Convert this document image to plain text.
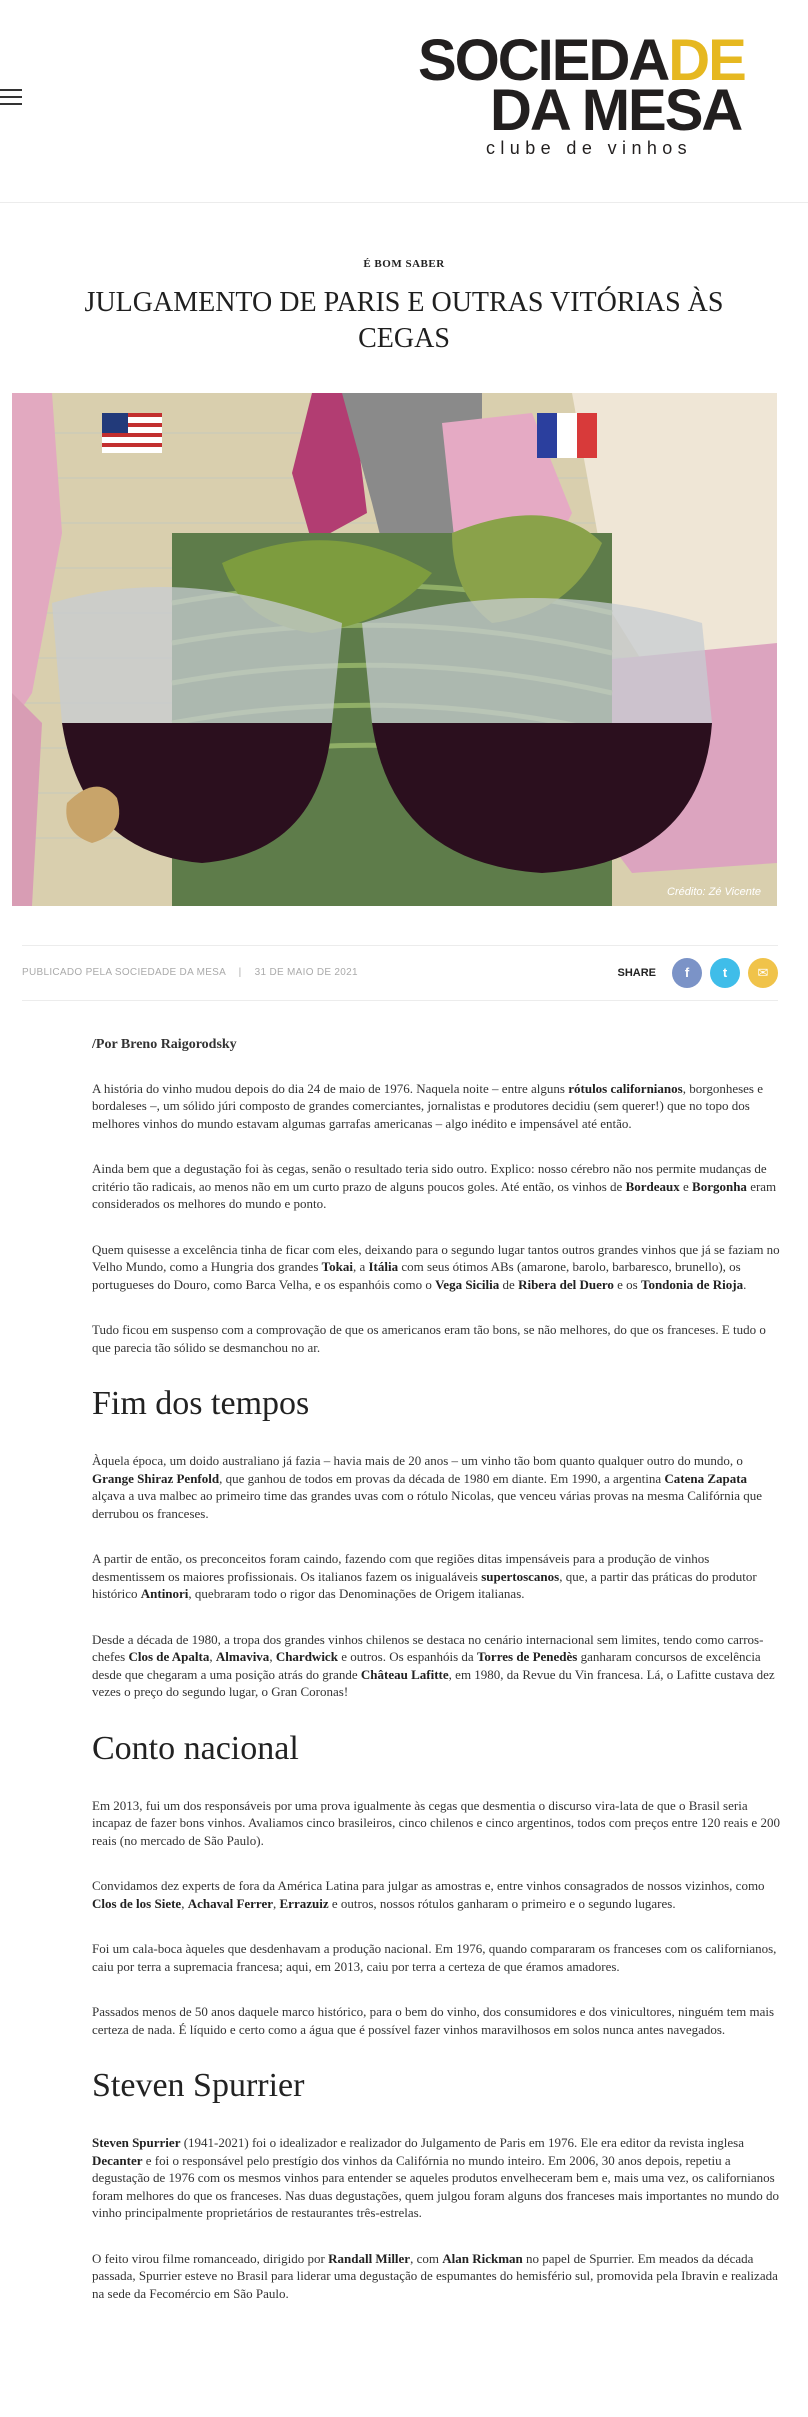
SOCIEDADE
DA MESA
clube de vinhos
É BOM SABER
JULGAMENTO DE PARIS E OUTRAS VITÓRIAS ÀS CEGAS
Crédito: Zé Vicente
PUBLICADO PELA SOCIEDADE DA MESA | 31 DE MAIO DE 2021	SHARE f	t ✉

/Por Breno Raigorodsky

A história do vinho mudou depois do dia 24 de maio de 1976. Naquela noite – entre alguns rótulos californianos, borgonheses e bordaleses –, um sólido júri composto de grandes comerciantes, jornalistas e produtores decidiu (sem querer!) que no topo dos melhores vinhos do mundo estavam algumas garrafas americanas – algo inédito e impensável até então.

Ainda bem que a degustação foi às cegas, senão o resultado teria sido outro. Explico: nosso cérebro não nos permite mudanças de critério tão radicais, ao menos não em um curto prazo de alguns poucos goles. Até então, os vinhos de Bordeaux e Borgonha eram considerados os melhores do mundo e ponto.

Quem quisesse a excelência tinha de ficar com eles, deixando para o segundo lugar tantos outros grandes vinhos que já se faziam no Velho Mundo, como a Hungria dos grandes Tokai, a Itália com seus ótimos ABs (amarone, barolo, barbaresco, brunello), os portugueses do Douro, como Barca Velha, e os espanhóis como o Vega Sicilia de Ribera del Duero e os Tondonia de Rioja.

Tudo ficou em suspenso com a comprovação de que os americanos eram tão bons, se não melhores, do que os franceses. E tudo o que parecia tão sólido se desmanchou no ar.

Fim dos tempos

Àquela época, um doido australiano já fazia – havia mais de 20 anos – um vinho tão bom quanto qualquer outro do mundo, o Grange Shiraz Penfold, que ganhou de todos em provas da década de 1980 em diante. Em 1990, a argentina Catena Zapata alçava a uva malbec ao primeiro time das grandes uvas com o rótulo Nicolas, que venceu várias provas na mesma Califórnia que derrubou os franceses.

A partir de então, os preconceitos foram caindo, fazendo com que regiões ditas impensáveis para a produção de vinhos desmentissem os maiores profissionais. Os italianos fazem os inigualáveis supertoscanos, que, a partir das práticas do produtor histórico Antinori, quebraram todo o rigor das Denominações de Origem italianas.

Desde a década de 1980, a tropa dos grandes vinhos chilenos se destaca no cenário internacional sem limites, tendo como carros-chefes Clos de Apalta, Almaviva, Chardwick e outros. Os espanhóis da Torres de Penedès ganharam concursos de excelência desde que chegaram a uma posição atrás do grande Château Lafitte, em 1980, da Revue du Vin francesa. Lá, o Lafitte custava dez vezes o preço do segundo lugar, o Gran Coronas!

Conto nacional

Em 2013, fui um dos responsáveis por uma prova igualmente às cegas que desmentia o discurso vira-lata de que o Brasil seria incapaz de fazer bons vinhos. Avaliamos cinco brasileiros, cinco chilenos e cinco argentinos, todos com preços entre 120 reais e 200 reais (no mercado de São Paulo).

Convidamos dez experts de fora da América Latina para julgar as amostras e, entre vinhos consagrados de nossos vizinhos, como Clos de los Siete, Achaval Ferrer, Errazuiz e outros, nossos rótulos ganharam o primeiro e o segundo lugares.

Foi um cala-boca àqueles que desdenhavam a produção nacional. Em 1976, quando compararam os franceses com os californianos, caiu por terra a supremacia francesa; aqui, em 2013, caiu por terra a certeza de que éramos amadores.

Passados menos de 50 anos daquele marco histórico, para o bem do vinho, dos consumidores e dos vinicultores, ninguém tem mais certeza de nada. É líquido e certo como a água que é possível fazer vinhos maravilhosos em solos nunca antes navegados.

Steven Spurrier

Steven Spurrier (1941-2021) foi o idealizador e realizador do Julgamento de Paris em 1976. Ele era editor da revista inglesa Decanter e foi o responsável pelo prestígio dos vinhos da Califórnia no mundo inteiro. Em 2006, 30 anos depois, repetiu a degustação de 1976 com os mesmos vinhos para entender se aqueles produtos envelheceram bem e, mais uma vez, os californianos foram melhores do que os franceses. Nas duas degustações, quem julgou foram alguns dos franceses mais importantes no mundo do vinho principalmente proprietários de restaurantes três-estrelas.

O feito virou filme romanceado, dirigido por Randall Miller, com Alan Rickman no papel de Spurrier. Em meados da década passada, Spurrier esteve no Brasil para liderar uma degustação de espumantes do hemisfério sul, promovida pela Ibravin e realizada na sede da Fecomércio em São Paulo.
